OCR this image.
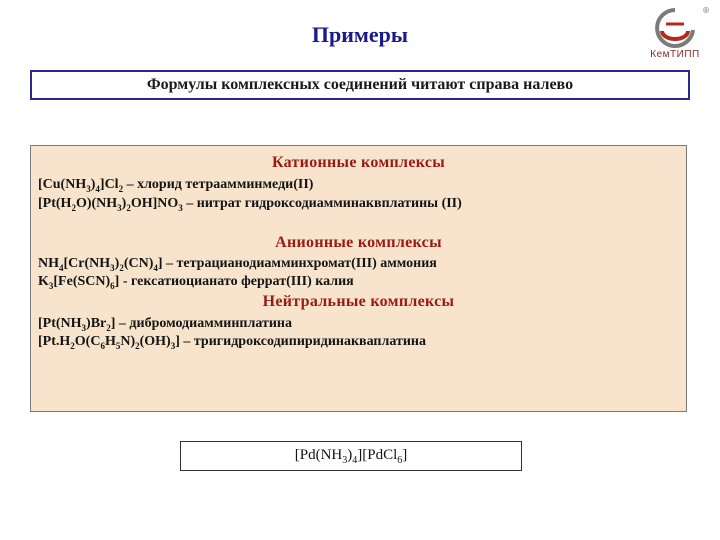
Примеры
®
КемТИПП
Формулы комплексных соединений читают справа налево
Катионные комплексы
$[Cu(NH_3)_4]Cl_2$ – хлорид тетраамминмеди(II)
$[Pt(H_2O)(NH_3)_2OH]NO_3$ – нитрат гидроксодиамминаквплатины (II)
Анионные комплексы
$NH_4[Cr(NH_3)_2(CN)_4]$ – тетрацианодиамминхромат(III) аммония
$K_3[Fe(SCN)_6]$ - гексатиоцианато феррат(III) калия
Нейтральные комплексы
$[Pt(NH_3)Br_2]$ – дибромодиамминплатина
$[Pt.H_2O(C_6H_5N)_2(OH)_3]$ – тригидроксодипиридинакваплатина
$[Pd(NH_3)_4][PdCl_6]$
